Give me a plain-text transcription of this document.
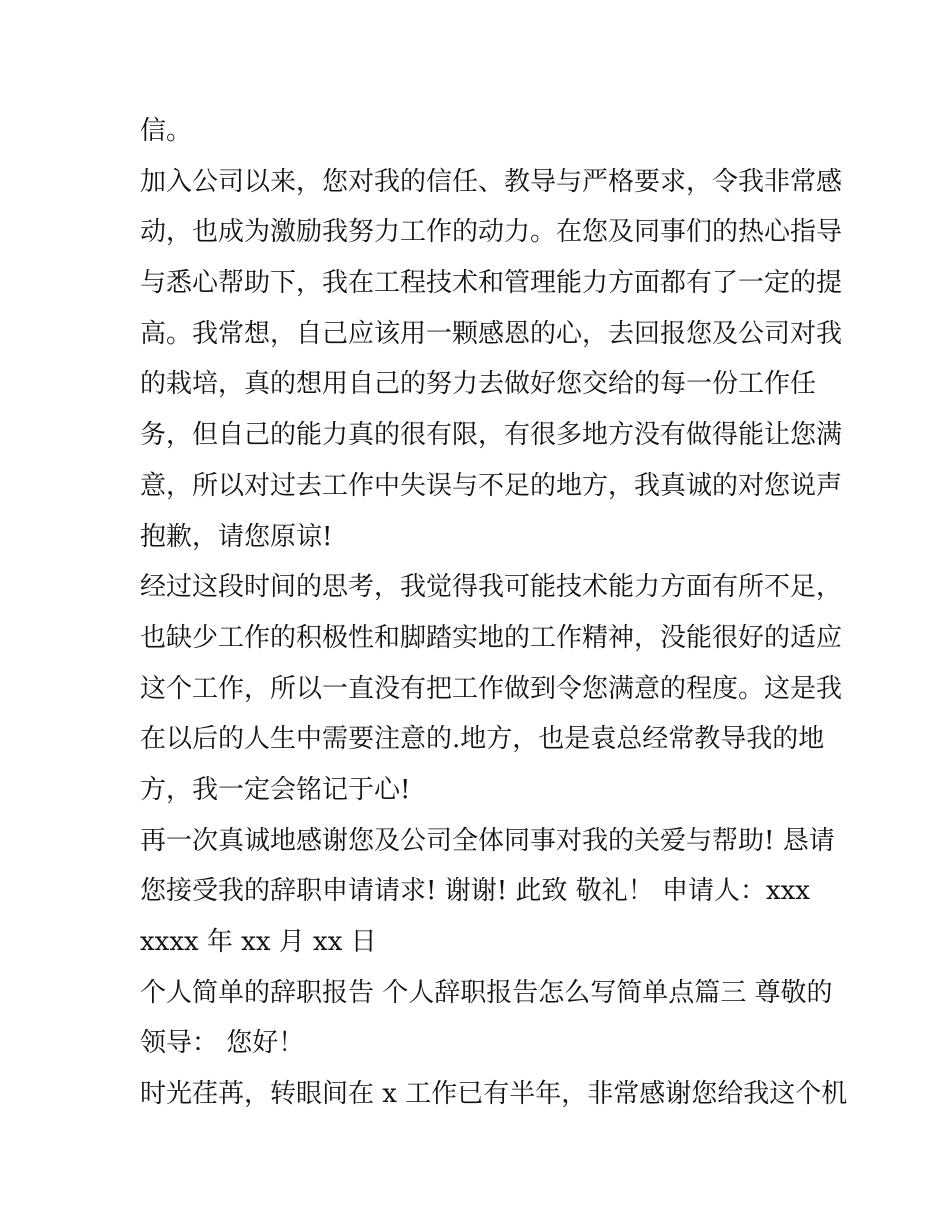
信。
加入公司以来，您对我的信任、教导与严格要求，令我非常感
动，也成为激励我努力工作的动力。在您及同事们的热心指导
与悉心帮助下，我在工程技术和管理能力方面都有了一定的提
高。我常想，自己应该用一颗感恩的心，去回报您及公司对我
的栽培，真的想用自己的努力去做好您交给的每一份工作任
务，但自己的能力真的很有限，有很多地方没有做得能让您满
意，所以对过去工作中失误与不足的地方，我真诚的对您说声
抱歉，请您原谅!
经过这段时间的思考，我觉得我可能技术能力方面有所不足，
也缺少工作的积极性和脚踏实地的工作精神，没能很好的适应
这个工作，所以一直没有把工作做到令您满意的程度。这是我
在以后的人生中需要注意的.地方，也是袁总经常教导我的地
方，我一定会铭记于心!
再一次真诚地感谢您及公司全体同事对我的关爱与帮助! 恳请
您接受我的辞职申请请求! 谢谢! 此致 敬礼！ 申请人：xxx
xxxx 年 xx 月 xx 日
个人简单的辞职报告 个人辞职报告怎么写简单点篇三 尊敬的
领导： 您好！
时光荏苒，转眼间在 x 工作已有半年，非常感谢您给我这个机
